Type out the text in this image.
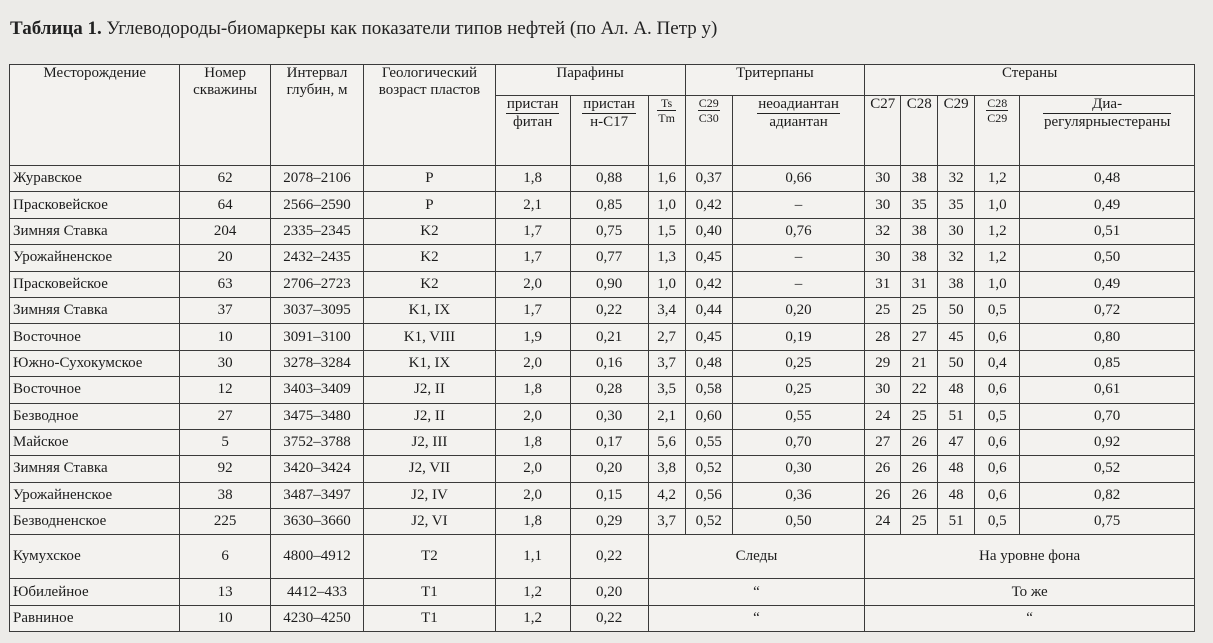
Таблица 1. Углеводороды-биомаркеры как показатели типов нефтей (по Ал. А. Петр у)
Месторождение	Номер скважины	Интервал глубин, м	Геологический возраст пластов	Парафины			Тритерпаны		Стераны				

				$\frac{\text{пристан}}{\text{фитан}}$	$\frac{\text{пристан}}{н-С17}$	$\frac{Ts}{Tm}$	$\frac{C29}{C30}$	$\frac{\text{неоадиантан}}{\text{адиантан}}$	C27	C28	C29	$\frac{C28}{C29}$	$\frac{\text{Диа-}}{\text{регулярныестераны}}$

Журавское	62	2078–2106	P	1,8	0,88	1,6	0,37	0,66	30	38	32	1,2	0,48
Прасковейское	64	2566–2590	P	2,1	0,85	1,0	0,42	–	30	35	35	1,0	0,49
Зимняя Ставка	204	2335–2345	K2	1,7	0,75	1,5	0,40	0,76	32	38	30	1,2	0,51
Урожайненское	20	2432–2435	K2	1,7	0,77	1,3	0,45	–	30	38	32	1,2	0,50
Прасковейское	63	2706–2723	K2	2,0	0,90	1,0	0,42	–	31	31	38	1,0	0,49
Зимняя Ставка	37	3037–3095	K1, IX	1,7	0,22	3,4	0,44	0,20	25	25	50	0,5	0,72
Восточное	10	3091–3100	K1, VIII	1,9	0,21	2,7	0,45	0,19	28	27	45	0,6	0,80
Южно-Сухокумское	30	3278–3284	K1, IX	2,0	0,16	3,7	0,48	0,25	29	21	50	0,4	0,85
Восточное	12	3403–3409	J2, II	1,8	0,28	3,5	0,58	0,25	30	22	48	0,6	0,61
Безводное	27	3475–3480	J2, II	2,0	0,30	2,1	0,60	0,55	24	25	51	0,5	0,70
Майское	5	3752–3788	J2, III	1,8	0,17	5,6	0,55	0,70	27	26	47	0,6	0,92
Зимняя Ставка	92	3420–3424	J2, VII	2,0	0,20	3,8	0,52	0,30	26	26	48	0,6	0,52
Урожайненское	38	3487–3497	J2, IV	2,0	0,15	4,2	0,56	0,36	26	26	48	0,6	0,82
Безводненское	225	3630–3660	J2, VI	1,8	0,29	3,7	0,52	0,50	24	25	51	0,5	0,75
Кумухское	6	4800–4912	T2	1,1	0,22	Следы			На уровне фона				
Юбилейное	13	4412–433	T1	1,2	0,20	“			То же				
Равниное	10	4230–4250	T1	1,2	0,22	“			“				
